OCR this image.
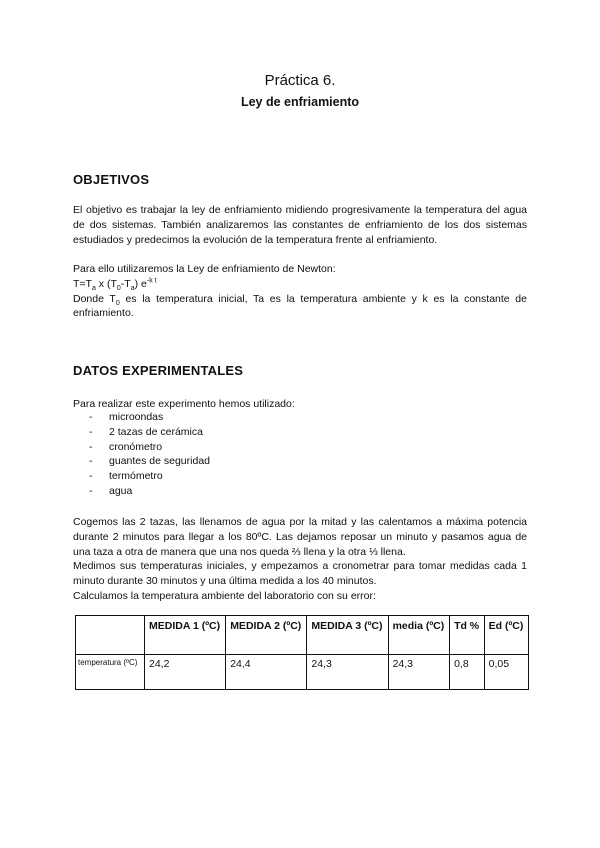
Práctica 6.
Ley de enfriamiento
OBJETIVOS

El objetivo es trabajar la ley de enfriamiento midiendo progresivamente la temperatura del agua de dos sistemas. También analizaremos las constantes de enfriamiento de los dos sistemas estudiados y predecimos la evolución de la temperatura frente al enfriamiento.

Para ello utilizaremos la Ley de enfriamiento de Newton:
$T=T_a$ x $(T_0-T_a)$ $e^{-k t}$
Donde $T_0$ es la temperatura inicial, Ta es la temperatura ambiente y k es la constante de enfriamiento.
DATOS EXPERIMENTALES

Para realizar este experimento hemos utilizado:

- microondas
- 2 tazas de cerámica
- cronómetro
- guantes de seguridad
- termómetro
- agua
Cogemos las 2 tazas, las llenamos de agua por la mitad y las calentamos a máxima potencia durante 2 minutos para llegar a los 80ºC. Las dejamos reposar un minuto y pasamos agua de una taza a otra de manera que una nos queda ⅔ llena y la otra ⅓ llena.
Medimos sus temperaturas iniciales, y empezamos a cronometrar para tomar medidas cada 1 minuto durante 30 minutos y una última medida a los 40 minutos.
Calculamos la temperatura ambiente del laboratorio con su error:
	MEDIDA 1 (ºC)	MEDIDA 2 (ºC)	MEDIDA 3 (ºC)	media (ºC)	Td %	Ed (ºC)
temperatura (ºC)	24,2	24,4	24,3	24,3	0,8	0,05
